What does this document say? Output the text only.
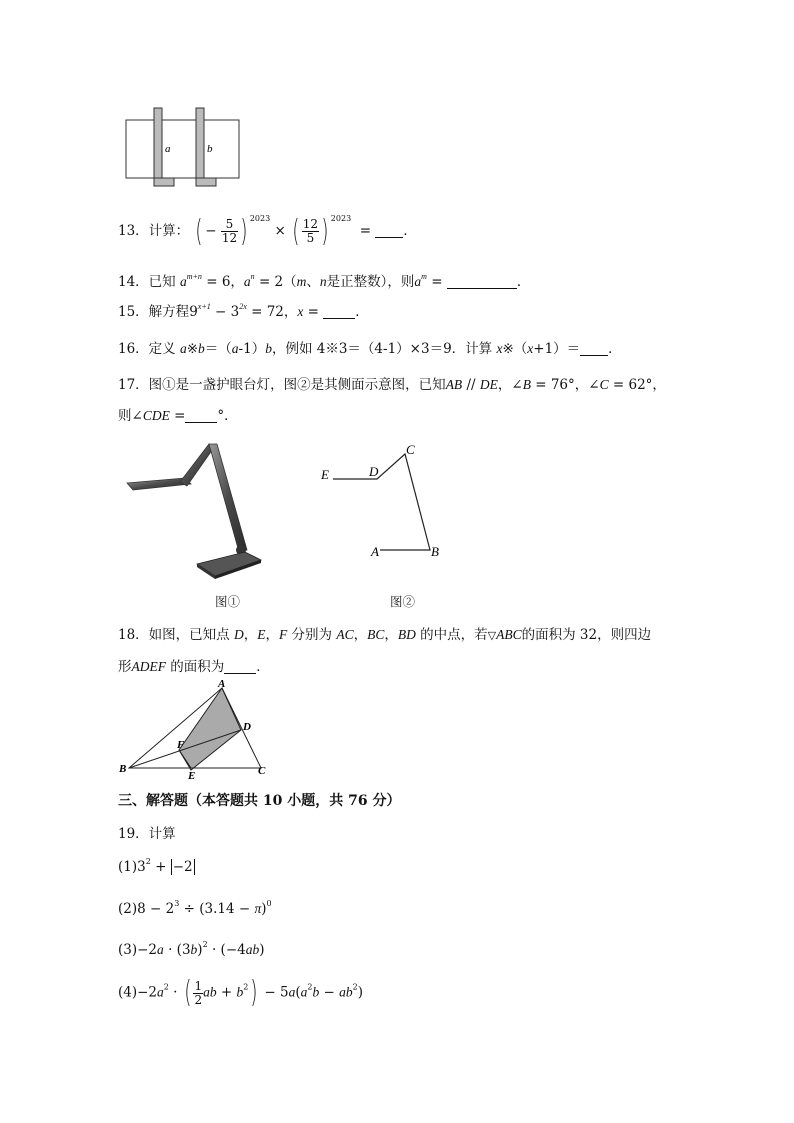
a	b
13．计算： ( − $\frac{5}{12}$ ) $^{2023}$ × ( $\frac{12}{5}$ ) $^{2023}$  = ．
14．已知 $a^{m+n} = 6$，$a^n = 2(m$、n是正整数），则$a^m$ =	．
15．解方程$9^{x+1} - 3^{2x} = 72$，x =	．
16．定义 a※b＝（a-1）b，例如 4※3＝（4-1）×3＝9．计算 x※（x+1）＝ ．
17．图①是一盏护眼台灯，图②是其侧面示意图，已知AB // DE，∠B = 76°，∠C = 62°，
则∠CDE = °．
图①
E	D
C
A	B
图②
18．如图，已知点 D，E，F 分别为 AC，BC，BD 的中点，若▽ABC的面积为 32，则四边
形ADEF 的面积为 ．
A
B	C
D
E
F
三、解答题（本答题共 10 小题，共 76 分）
19．计算
$(1)3^2 + -2$
$(2)8 - 2^3 \div (3.14 - \pi)^0$
$(3)-2a \cdot (3b)^2 \cdot (-4ab)$
$(4)-2a^2$ · ( $\frac{1}{2}$ ab + $b^2) - 5a(a^2b - ab^2)$
